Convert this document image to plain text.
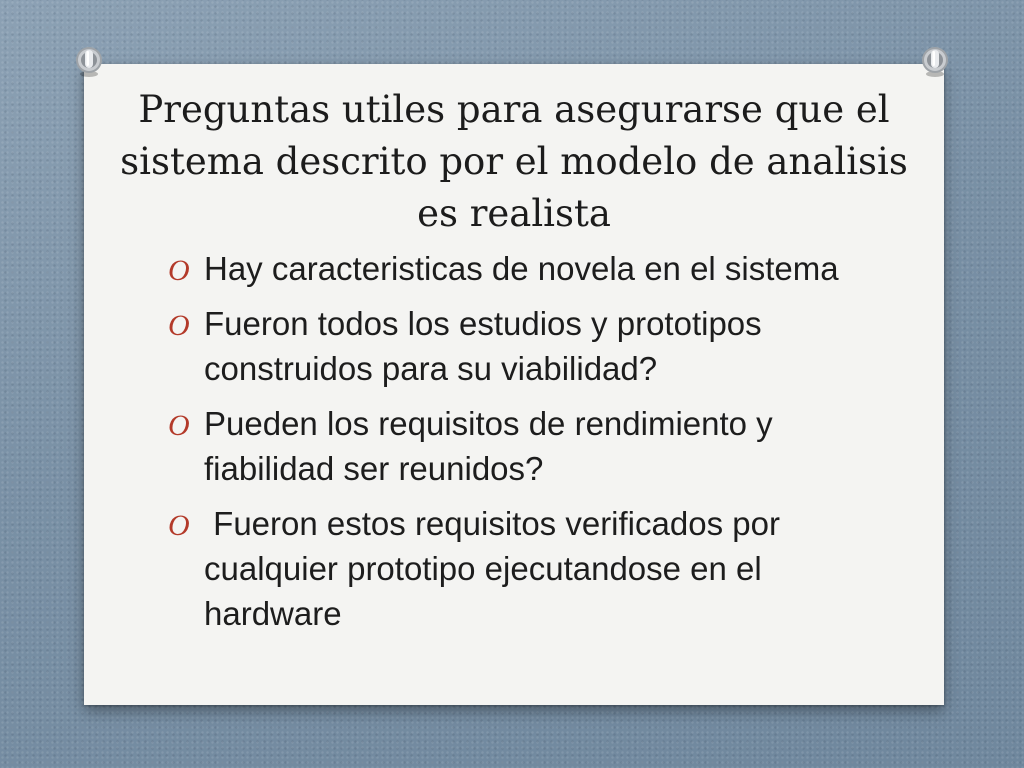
Preguntas utiles para asegurarse que el sistema descrito por el modelo de analisis es realista
O Hay caracteristicas de novela en el sistema
O Fueron todos los estudios y prototipos construidos para su viabilidad?
O Pueden los requisitos de rendimiento y fiabilidad ser reunidos?
O Fueron estos requisitos verificados por cualquier prototipo ejecutandose en el hardware
